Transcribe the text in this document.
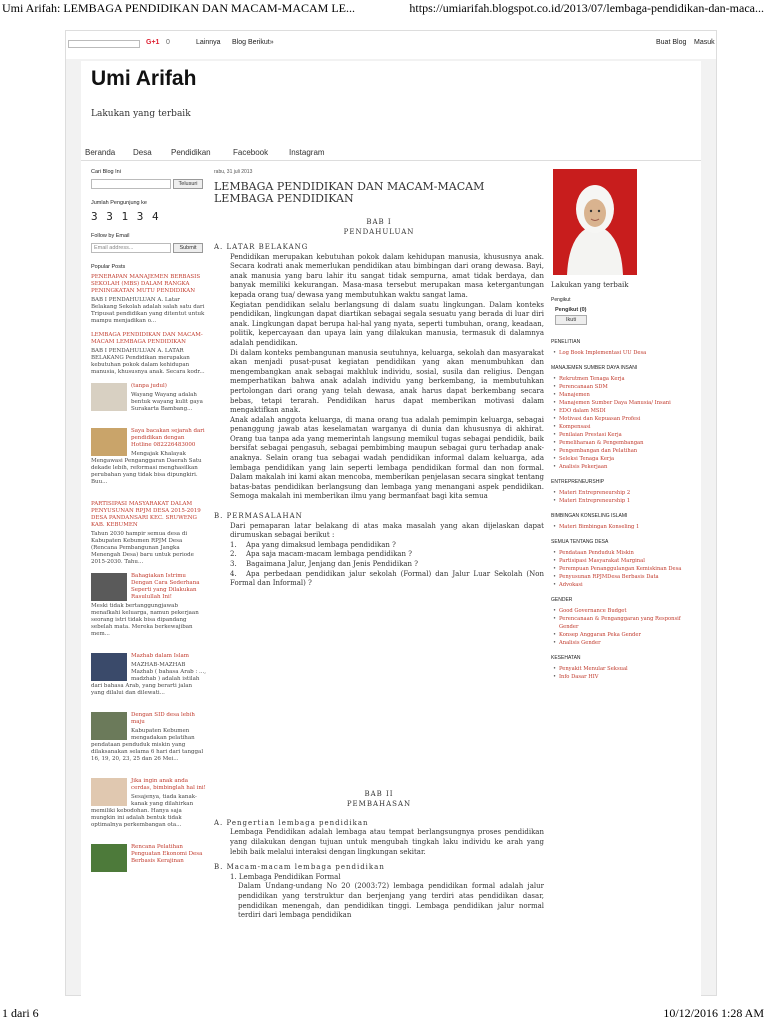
Umi Arifah: LEMBAGA PENDIDIKAN DAN MACAM-MACAM LE...	https://umiarifah.blogspot.co.id/2013/07/lembaga-pendidikan-dan-maca...
G+1 0	Lainnya Blog Berikut»	Buat Blog Masuk
Umi Arifah
Lakukan yang terbaik
Beranda Desa Pendidikan	Facebook	Instagram
Cari Blog Ini
Telusuri
Jumlah Pengunjung ke
3 3 1 3 4
Follow by Email
Email address...	Submit
Popular Posts
PENERAPAN MANAJEMEN BERBASIS SEKOLAH (MBS) DALAM RANGKA PENINGKATAN MUTU PENDIDIKAN
BAB I PENDAHULUAN A. Latar Belakang Sekolah adalah salah satu dari Tripusat pendidikan yang ditentut untuk mampu menjadikan o...
LEMBAGA PENDIDIKAN DAN MACAM-MACAM LEMBAGA PENDIDIKAN
BAB I PENDAHULUAN A. LATAR BELAKANG Pendidikan merupakan kebutuhan pokok dalam kehidupan manusia, khususnya anak. Secara kodr...
(tanpa judul)
Wayang Wayang adalah bentuk wayang kulit gaya Surakarta Bambang...
Saya bacakan sejarah dari pendidikan dengan Hotline 082226483000
Mengajak Khalayak Mengawasi Penganggaran Daerah Satu dekade lebih, reformasi menghasilkan perubahan yang tidak bisa dipungkiri. Buu...
PARTISIPASI MASYARAKAT DALAM PENYUSUNAN RPJM DESA 2015-2019 DESA PANDANSARI KEC. SRUWENG KAB. KEBUMEN
Tahun 2030 hampir semua desa di Kabupaten Kebumen RPJM Desa (Rencana Pembangunan Jangka Menengah Desa) baru untuk periode 2015-2030. Tahu...
Bahagiakan Istrimu Dengan Cara Sederhana Seperti yang Dilakukan Rasulullah Ini!
Meski tidak bertanggungjawab menafkahi keluarga, namun pekerjaan seorang istri tidak bisa dipandang sebelah mata. Mereka berkewajiban mem...
Mazhab dalam Islam
MAZHAB-MAZHAB Mazhab ( bahasa Arab : ..., madzhab ) adalah istilah dari bahasa Arab, yang berarti jalan yang dilalui dan dilewati...
Dengan SID desa lebih maju
Kabupaten Kebumen mengadakan pelatihan pendataan penduduk miskin yang dilaksanakan selama 6 hari dari tanggal 16, 19, 20, 23, 25 dan 26 Mei...
Jika ingin anak anda cerdas, bimbinglah hal ini!
Sesajenya, tiada kanak-kanak yang dilahirkan memiliki kebodohan. Hanya saja mungkin ini adalah bentuk tidak optimalnya perkembangan ota...
Rencana Pelatihan Penguatan Ekonomi Desa Berbasis Kerajinan
rabu, 31 juli 2013
LEMBAGA PENDIDIKAN DAN MACAM-MACAM LEMBAGA PENDIDIKAN
BAB I
PENDAHULUAN
A. LATAR BELAKANG
Pendidikan merupakan kebutuhan pokok dalam kehidupan manusia, khususnya anak. Secara kodrati anak memerlukan pendidikan atau bimbingan dari orang dewasa. Bayi, anak manusia yang baru lahir itu sangat tidak sempurna, amat tidak berdaya, dan banyak memiliki kekurangan. Masa-masa tersebut merupakan masa ketergantungan kepada orang tua/ dewasa yang membutuhkan waktu sangat lama.
Kegiatan pendidikan selalu berlangsung di dalam suatu lingkungan. Dalam konteks pendidikan, lingkungan dapat diartikan sebagai segala sesuatu yang berada di luar diri anak. Lingkungan dapat berupa hal-hal yang nyata, seperti tumbuhan, orang, keadaan, politik, kepercayaan dan upaya lain yang dilakukan manusia, termasuk di dalamnya adalah pendidikan.
Di dalam konteks pembangunan manusia seutuhnya, keluarga, sekolah dan masyarakat akan menjadi pusat-pusat kegiatan pendidikan yang akan menumbuhkan dan mengembangkan anak sebagai makhluk individu, sosial, susila dan religius. Dengan memperhatikan bahwa anak adalah individu yang berkembang, ia membutuhkan pertolongan dari orang yang telah dewasa, anak harus dapat berkembang secara bebas, tetapi terarah. Pendidikan harus dapat memberikan motivasi dalam mengaktifkan anak.
Anak adalah anggota keluarga, di mana orang tua adalah pemimpin keluarga, sebagai penanggung jawab atas keselamatan warganya di dunia dan khususnya di akhirat. Orang tua tanpa ada yang memerintah langsung memikul tugas sebagai pendidik, baik bersifat sebagai pengasuh, sebagai pembimbing maupun sebagai guru terhadap anak-anaknya. Selain orang tua sebagai wadah pendidikan informal dalam keluarga, ada lembaga pendidikan yang lain seperti lembaga pendidikan formal dan non formal. Dalam makalah ini kami akan mencoba, memberikan penjelasan secara singkat tentang batas-batas pendidikan berlangsung dan lembaga yang menangani aspek pendidikan. Semoga makalah ini memberikan ilmu yang bermanfaat bagi kita semua
B. PERMASALAHAN
Dari pemaparan latar belakang di atas maka masalah yang akan dijelaskan dapat dirumuskan sebagai berikut :
1. Apa yang dimaksud lembaga pendidikan ?
2. Apa saja macam-macam lembaga pendidikan ?
3. Bagaimana Jalur, Jenjang dan Jenis Pendidikan ?
4. Apa perbedaan pendidikan jalur sekolah (Formal) dan Jalur Luar Sekolah (Non Formal dan Informal) ?
BAB II
PEMBAHASAN
A. Pengertian lembaga pendidikan
Lembaga Pendidikan adalah lembaga atau tempat berlangsungnya proses pendidikan yang dilakukan dengan tujuan untuk mengubah tingkah laku individu ke arah yang lebih baik melalui interaksi dengan lingkungan sekitar.
B. Macam-macam lembaga pendidikan
1. Lembaga Pendidikan Formal
Dalam Undang-undang No 20 (2003:72) lembaga pendidikan formal adalah jalur pendidikan yang terstruktur dan berjenjang yang terdiri atas pendidikan dasar, pendidikan menengah, dan pendidikan tinggi. Lembaga pendidikan jalur normal terdiri dari lembaga pendidikan
Lakukan yang terbaik
Pengikut
Pengikut (0)
Ikuti
PENELITIAN
• Log Book Implementasi UU Desa
MANAJEMEN SUMBER DAYA INSANI
• Rekrutmen Tenaga Kerja
• Perencanaan SDM
• Manajemen
• Manajemen Sumber Daya Manusia/ Insani
• EDO dalam MSDI
• Motivasi dan Kepuasan Profesi
• Kompensasi
• Penilaian Prestasi Kerja
• Pemeliharaan & Pengembangan
• Pengembangan dan Pelatihan
• Seleksi Tenaga Kerja
• Analisis Pekerjaan
ENTREPRENEURSHIP
• Materi Entrepreneurship 2
• Materi Entrepreneurship 1
BIMBINGAN KONSELING ISLAMI
• Materi Bimbingan Konseling 1
SEMUA TENTANG DESA
• Pendataan Penduduk Miskin
• Partisipasi Masyarakat Marginal
• Perempuan Penanggulangan Kemiskinan Desa
• Penyusunan RPJMDesa Berbasis Data
• Advokasi
GENDER
• Good Governance Budget
• Perencanaan & Penganggaran yang Responsif Gender
• Konsep Anggaran Peka Gender
• Analisis Gender
KESEHATAN
• Penyakit Menular Seksual
• Info Dasar HIV
1 dari 6	10/12/2016 1:28 AM
